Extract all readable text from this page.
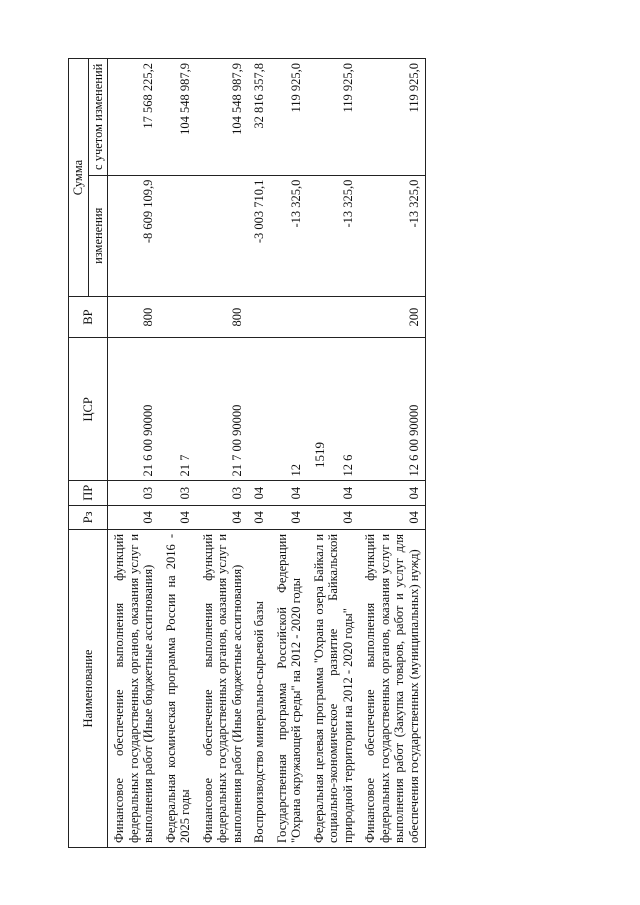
1519
Наименование	Рз	ПР	ЦСР	ВР	Сумма	
					изменения	с учетом изменений
Финансовое обеспечение выполнения функций федеральных государственных органов, оказания услуг и выполнения работ (Иные бюджетные ассигнования)	04	03	21 6 00 90000	800	-8 609 109,9	17 568 225,2
Федеральная космическая программа России на 2016 - 2025 годы	04	03	21 7			104 548 987,9
Финансовое обеспечение выполнения функций федеральных государственных органов, оказания услуг и выполнения работ (Иные бюджетные ассигнования)	04	03	21 7 00 90000	800		104 548 987,9
Воспроизводство минерально-сырьевой базы	04	04			-3 003 710,1	32 816 357,8
Государственная программа Российской Федерации "Охрана окружающей среды" на 2012 - 2020 годы	04	04	12		-13 325,0	119 925,0
Федеральная целевая программа "Охрана озера Байкал и социально-экономическое развитие Байкальской природной территории на 2012 - 2020 годы"	04	04	12 6		-13 325,0	119 925,0
Финансовое обеспечение выполнения функций федеральных государственных органов, оказания услуг и выполнения работ (Закупка товаров, работ и услуг для обеспечения государственных (муниципальных) нужд)	04	04	12 6 00 90000	200	-13 325,0	119 925,0
